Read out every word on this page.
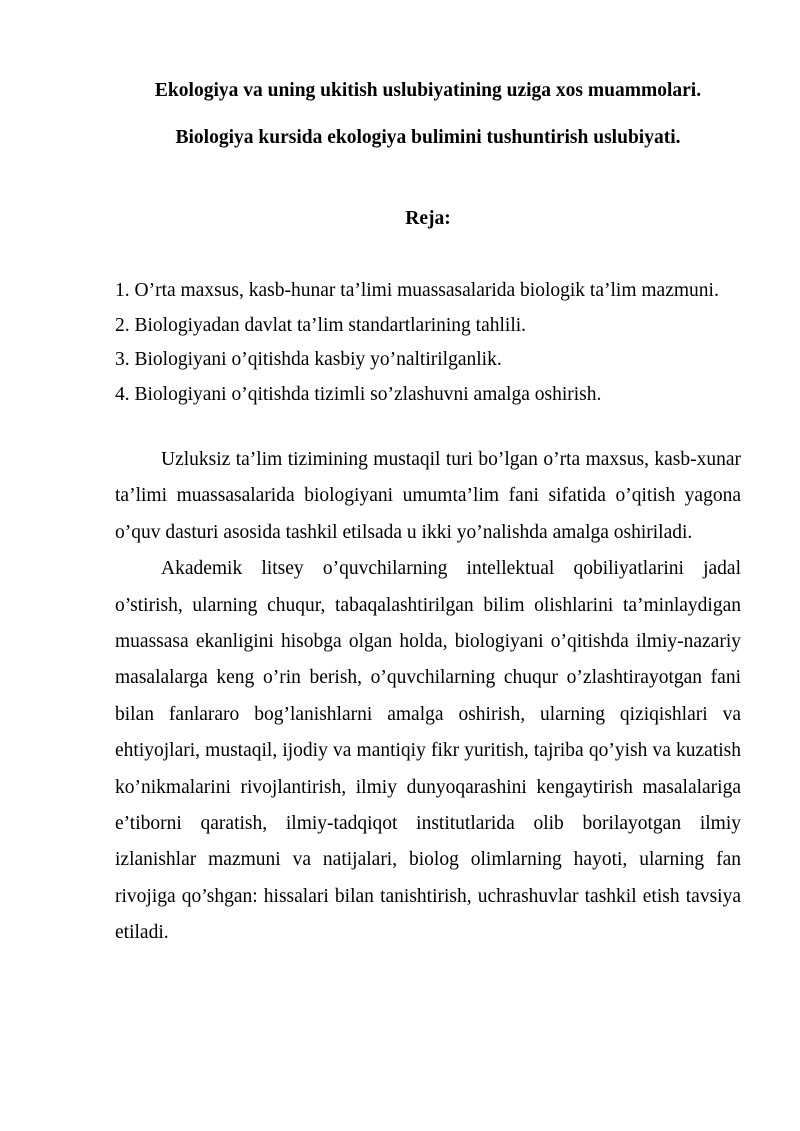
Ekologiya va uning ukitish uslubiyatining uziga xos muammolari.
Biologiya kursida ekologiya bulimini tushuntirish uslubiyati.
Reja:
1. O’rta maxsus, kasb-hunar ta’limi muassasalarida biologik ta’lim mazmuni.
2. Biologiyadan davlat ta’lim standartlarining tahlili.
3. Biologiyani o’qitishda kasbiy yo’naltirilganlik.
4. Biologiyani o’qitishda tizimli so’zlashuvni amalga oshirish.

Uzluksiz ta’lim tizimining mustaqil turi bo’lgan o’rta maxsus, kasb-xunar ta’limi muassasalarida biologiyani umumta’lim fani sifatida o’qitish yagona o’quv dasturi asosida tashkil etilsada u ikki yo’nalishda amalga oshiriladi.

Akademik litsey o’quvchilarning intellektual qobiliyatlarini jadal o’stirish, ularning chuqur, tabaqalashtirilgan bilim olishlarini ta’minlaydigan muassasa ekanligini hisobga olgan holda, biologiyani o’qitishda ilmiy-nazariy masalalarga keng o’rin berish, o’quvchilarning chuqur o’zlashtirayotgan fani bilan fanlararo bog’lanishlarni amalga oshirish, ularning qiziqishlari va ehtiyojlari, mustaqil, ijodiy va mantiqiy fikr yuritish, tajriba qo’yish va kuzatish ko’nikmalarini rivojlantirish, ilmiy dunyoqarashini kengaytirish masalalariga e’tiborni qaratish, ilmiy-tadqiqot institutlarida olib borilayotgan ilmiy izlanishlar mazmuni va natijalari, biolog olimlarning hayoti, ularning fan rivojiga qo’shgan: hissalari bilan tanishtirish, uchrashuvlar tashkil etish tavsiya etiladi.
